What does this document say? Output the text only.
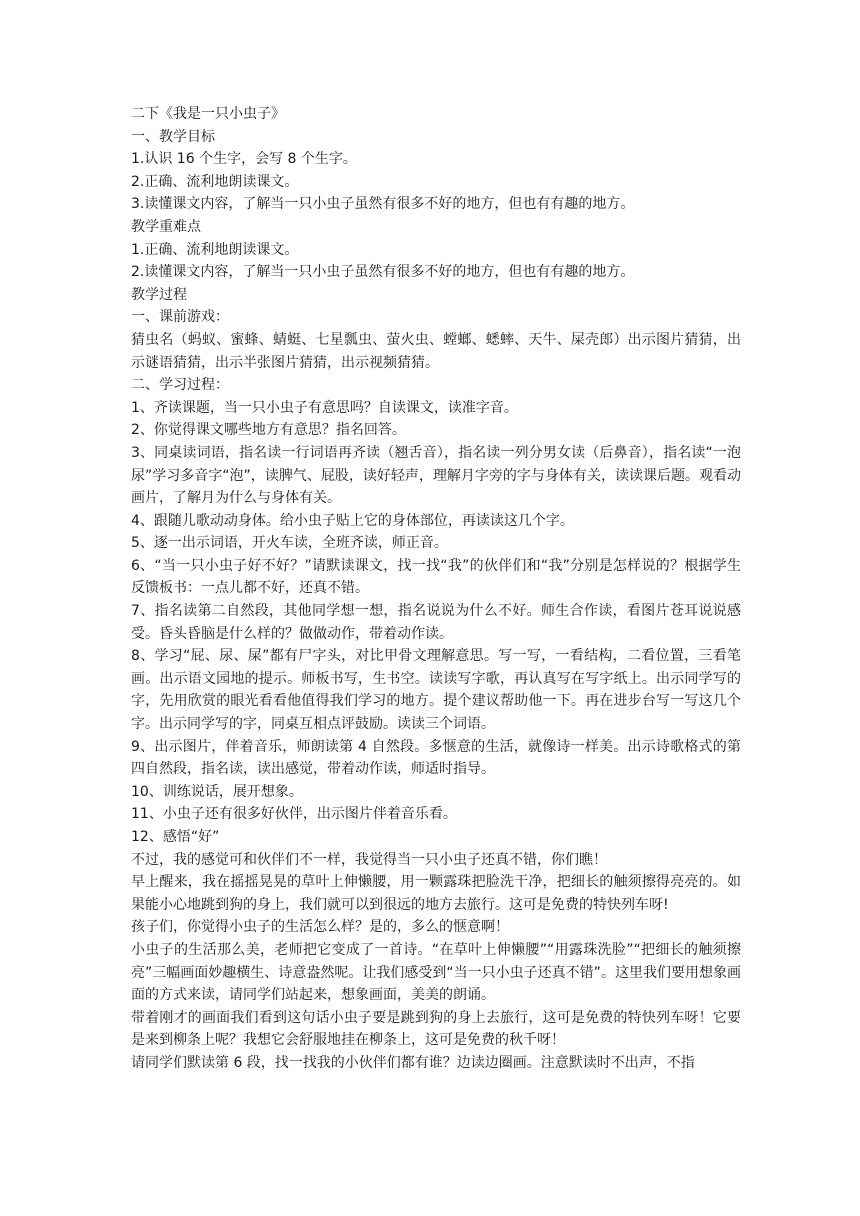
二下《我是一只小虫子》
一、教学目标
1.认识 16 个生字，会写 8 个生字。
2.正确、流利地朗读课文。
3.读懂课文内容，了解当一只小虫子虽然有很多不好的地方，但也有有趣的地方。
教学重难点
1.正确、流利地朗读课文。
2.读懂课文内容，了解当一只小虫子虽然有很多不好的地方，但也有有趣的地方。
教学过程
一、课前游戏：
猜虫名（蚂蚁、蜜蜂、蜻蜓、七星瓢虫、萤火虫、螳螂、蟋蟀、天牛、屎壳郎）出示图片猜猜，出示谜语猜猜，出示半张图片猜猜，出示视频猜猜。
二、学习过程：
1、齐读课题，当一只小虫子有意思吗？自读课文，读准字音。
2、你觉得课文哪些地方有意思？指名回答。
3、同桌读词语，指名读一行词语再齐读（翘舌音），指名读一列分男女读（后鼻音），指名读“一泡尿”学习多音字“泡”，读脾气、屁股，读好轻声，理解月字旁的字与身体有关，读读课后题。观看动画片，了解月为什么与身体有关。
4、跟随儿歌动动身体。给小虫子贴上它的身体部位，再读读这几个字。
5、逐一出示词语，开火车读，全班齐读，师正音。
6、“当一只小虫子好不好？”请默读课文，找一找“我”的伙伴们和“我”分别是怎样说的？根据学生反馈板书：一点儿都不好，还真不错。
7、指名读第二自然段，其他同学想一想，指名说说为什么不好。师生合作读，看图片苍耳说说感受。昏头昏脑是什么样的？做做动作，带着动作读。
8、学习“屁、尿、屎”都有尸字头，对比甲骨文理解意思。写一写，一看结构，二看位置，三看笔画。出示语文园地的提示。师板书写，生书空。读读写字歌，再认真写在写字纸上。出示同学写的字，先用欣赏的眼光看看他值得我们学习的地方。提个建议帮助他一下。再在进步台写一写这几个字。出示同学写的字，同桌互相点评鼓励。读读三个词语。
9、出示图片，伴着音乐，师朗读第 4 自然段。多惬意的生活，就像诗一样美。出示诗歌格式的第四自然段，指名读，读出感觉，带着动作读，师适时指导。
10、训练说话，展开想象。
11、小虫子还有很多好伙伴，出示图片伴着音乐看。
12、感悟“好”
不过，我的感觉可和伙伴们不一样，我觉得当一只小虫子还真不错，你们瞧！
早上醒来，我在摇摇晃晃的草叶上伸懒腰，用一颗露珠把脸洗干净，把细长的触须擦得亮亮的。如果能小心地跳到狗的身上，我们就可以到很远的地方去旅行。这可是免费的特快列车呀!
孩子们，你觉得小虫子的生活怎么样？是的，多么的惬意啊！
小虫子的生活那么美，老师把它变成了一首诗。“在草叶上伸懒腰”“用露珠洗脸”“把细长的触须擦亮”三幅画面妙趣横生、诗意盎然呢。让我们感受到“当一只小虫子还真不错”。这里我们要用想象画面的方式来读，请同学们站起来，想象画面，美美的朗诵。
带着刚才的画面我们看到这句话小虫子要是跳到狗的身上去旅行，这可是免费的特快列车呀！它要是来到柳条上呢？我想它会舒服地挂在柳条上，这可是免费的秋千呀！
请同学们默读第 6 段，找一找我的小伙伴们都有谁？边读边圈画。注意默读时不出声，不指
